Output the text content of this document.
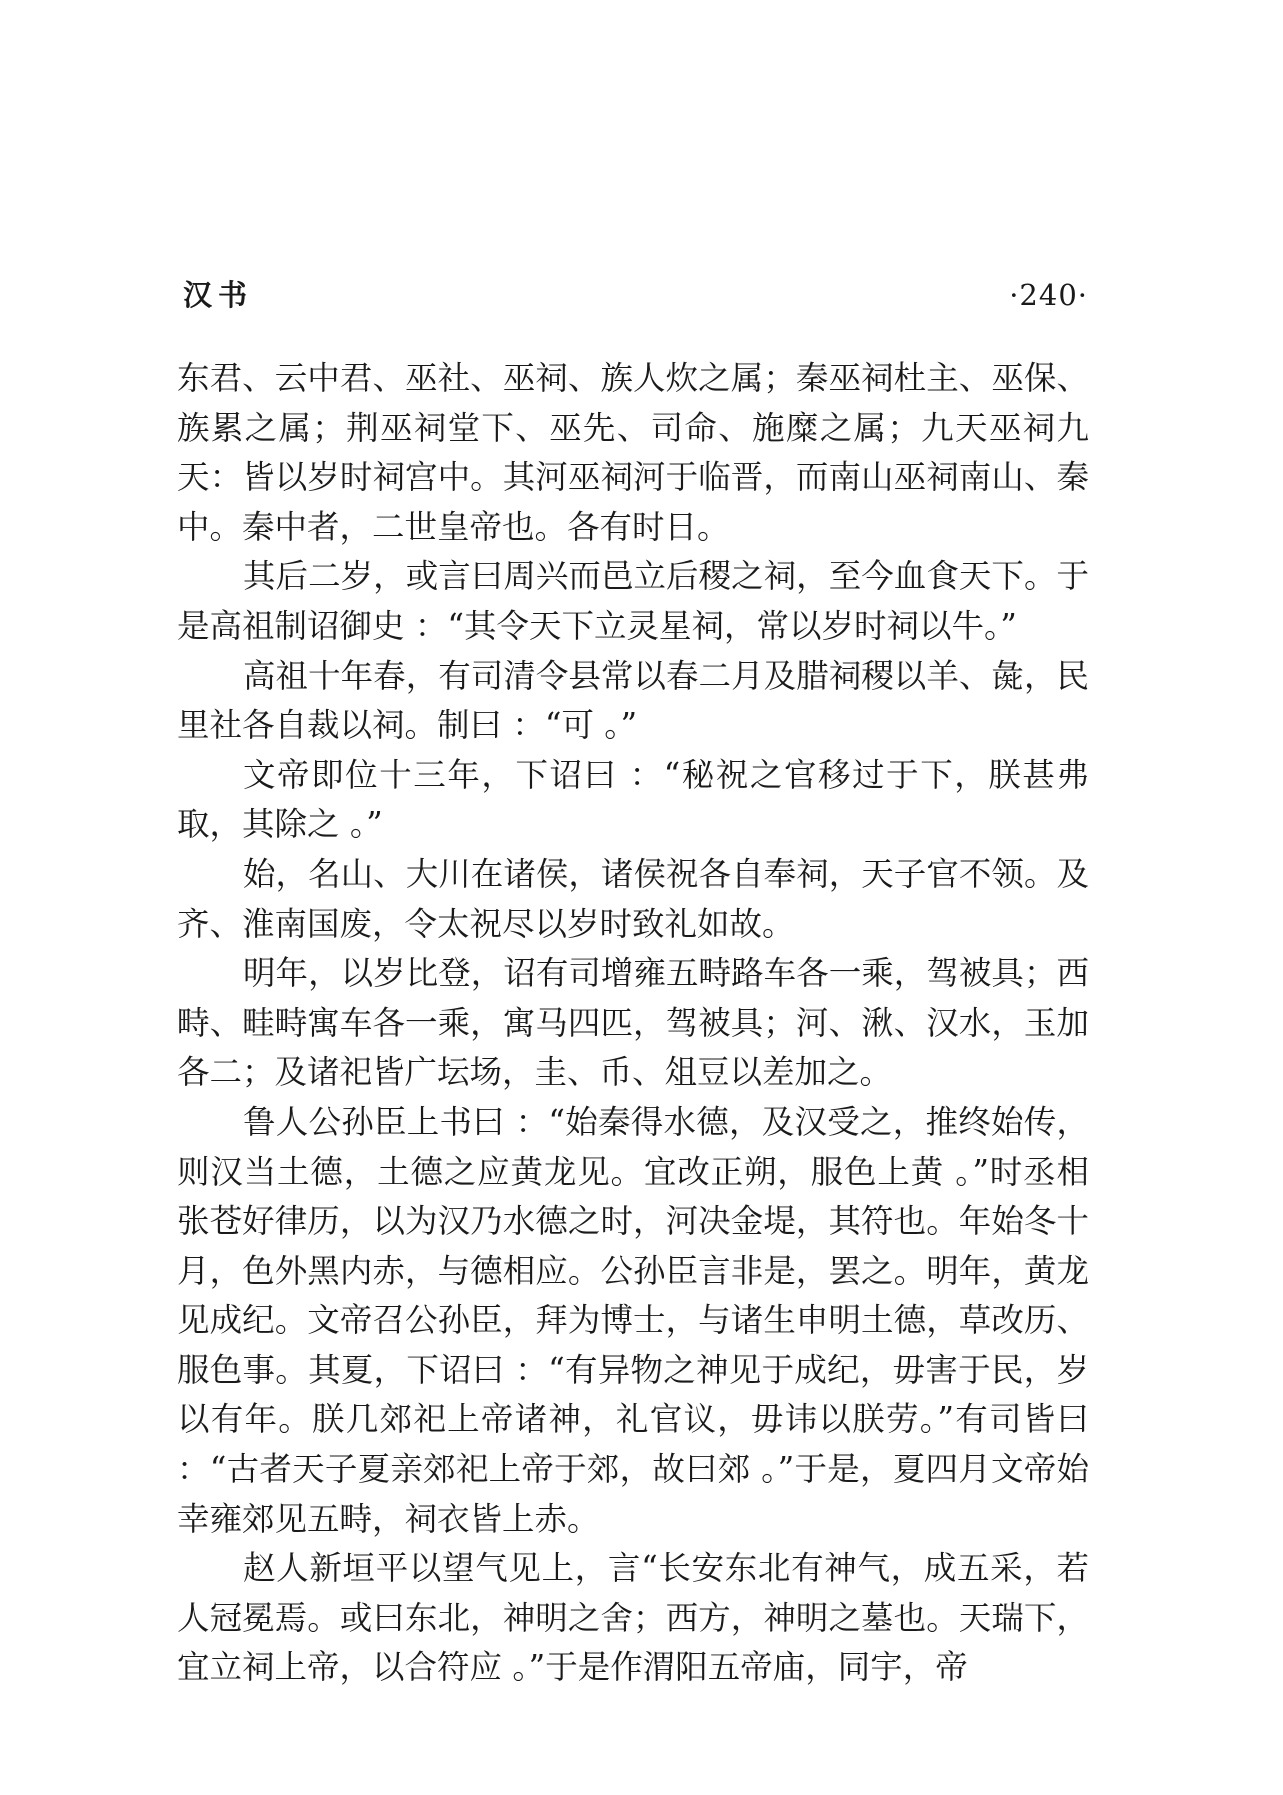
汉书	·240·

东君、云中君、巫社、巫祠、族人炊之属；秦巫祠杜主、巫保、族累之属；荆巫祠堂下、巫先、司命、施糜之属；九天巫祠九天：皆以岁时祠宫中。其河巫祠河于临晋，而南山巫祠南山、秦中。秦中者，二世皇帝也。各有时日。

其后二岁，或言曰周兴而邑立后稷之祠，至今血食天下。于是高祖制诏御史 ：“其令天下立灵星祠，常以岁时祠以牛。”

高祖十年春，有司清令县常以春二月及腊祠稷以羊、彘，民里社各自裁以祠。制曰 ：“可 。”

文帝即位十三年，下诏曰 ：“秘祝之官移过于下，朕甚弗取，其除之 。”

始，名山、大川在诸侯，诸侯祝各自奉祠，天子官不领。及齐、淮南国废，令太祝尽以岁时致礼如故。

明年，以岁比登，诏有司增雍五畤路车各一乘，驾被具；西畤、畦畤寓车各一乘，寓马四匹，驾被具；河、湫、汉水，玉加各二；及诸祀皆广坛场，圭、币、俎豆以差加之。

鲁人公孙臣上书曰 ：“始秦得水德，及汉受之，推终始传，则汉当土德，土德之应黄龙见。宜改正朔，服色上黄 。”时丞相张苍好律历，以为汉乃水德之时，河决金堤，其符也。年始冬十月，色外黑内赤，与德相应。公孙臣言非是，罢之。明年，黄龙见成纪。文帝召公孙臣，拜为博士，与诸生申明土德，草改历、服色事。其夏，下诏曰 ：“有异物之神见于成纪，毋害于民，岁以有年。朕几郊祀上帝诸神，礼官议，毋讳以朕劳。”有司皆曰 ：“古者天子夏亲郊祀上帝于郊，故曰郊 。”于是，夏四月文帝始幸雍郊见五畤，祠衣皆上赤。

赵人新垣平以望气见上，言“长安东北有神气，成五采，若人冠冕焉。或曰东北，神明之舍；西方，神明之墓也。天瑞下，宜立祠上帝，以合符应 。”于是作渭阳五帝庙，同宇，帝
